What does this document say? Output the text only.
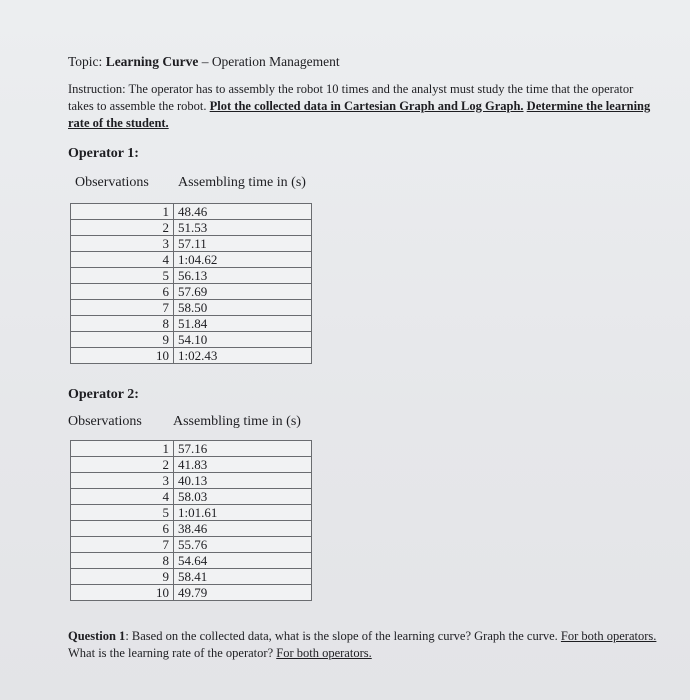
Topic: Learning Curve – Operation Management
Instruction: The operator has to assembly the robot 10 times and the analyst must study the time that the operator takes to assemble the robot. Plot the collected data in Cartesian Graph and Log Graph. Determine the learning rate of the student.
Operator 1:
Observations Assembling time in (s)
1	48.46
2	51.53
3	57.11
4	1:04.62
5	56.13
6	57.69
7	58.50
8	51.84
9	54.10
10	1:02.43
Operator 2:
Observations Assembling time in (s)
1	57.16
2	41.83
3	40.13
4	58.03
5	1:01.61
6	38.46
7	55.76
8	54.64
9	58.41
10	49.79
Question 1: Based on the collected data, what is the slope of the learning curve? Graph the curve. For both operators. What is the learning rate of the operator? For both operators.
